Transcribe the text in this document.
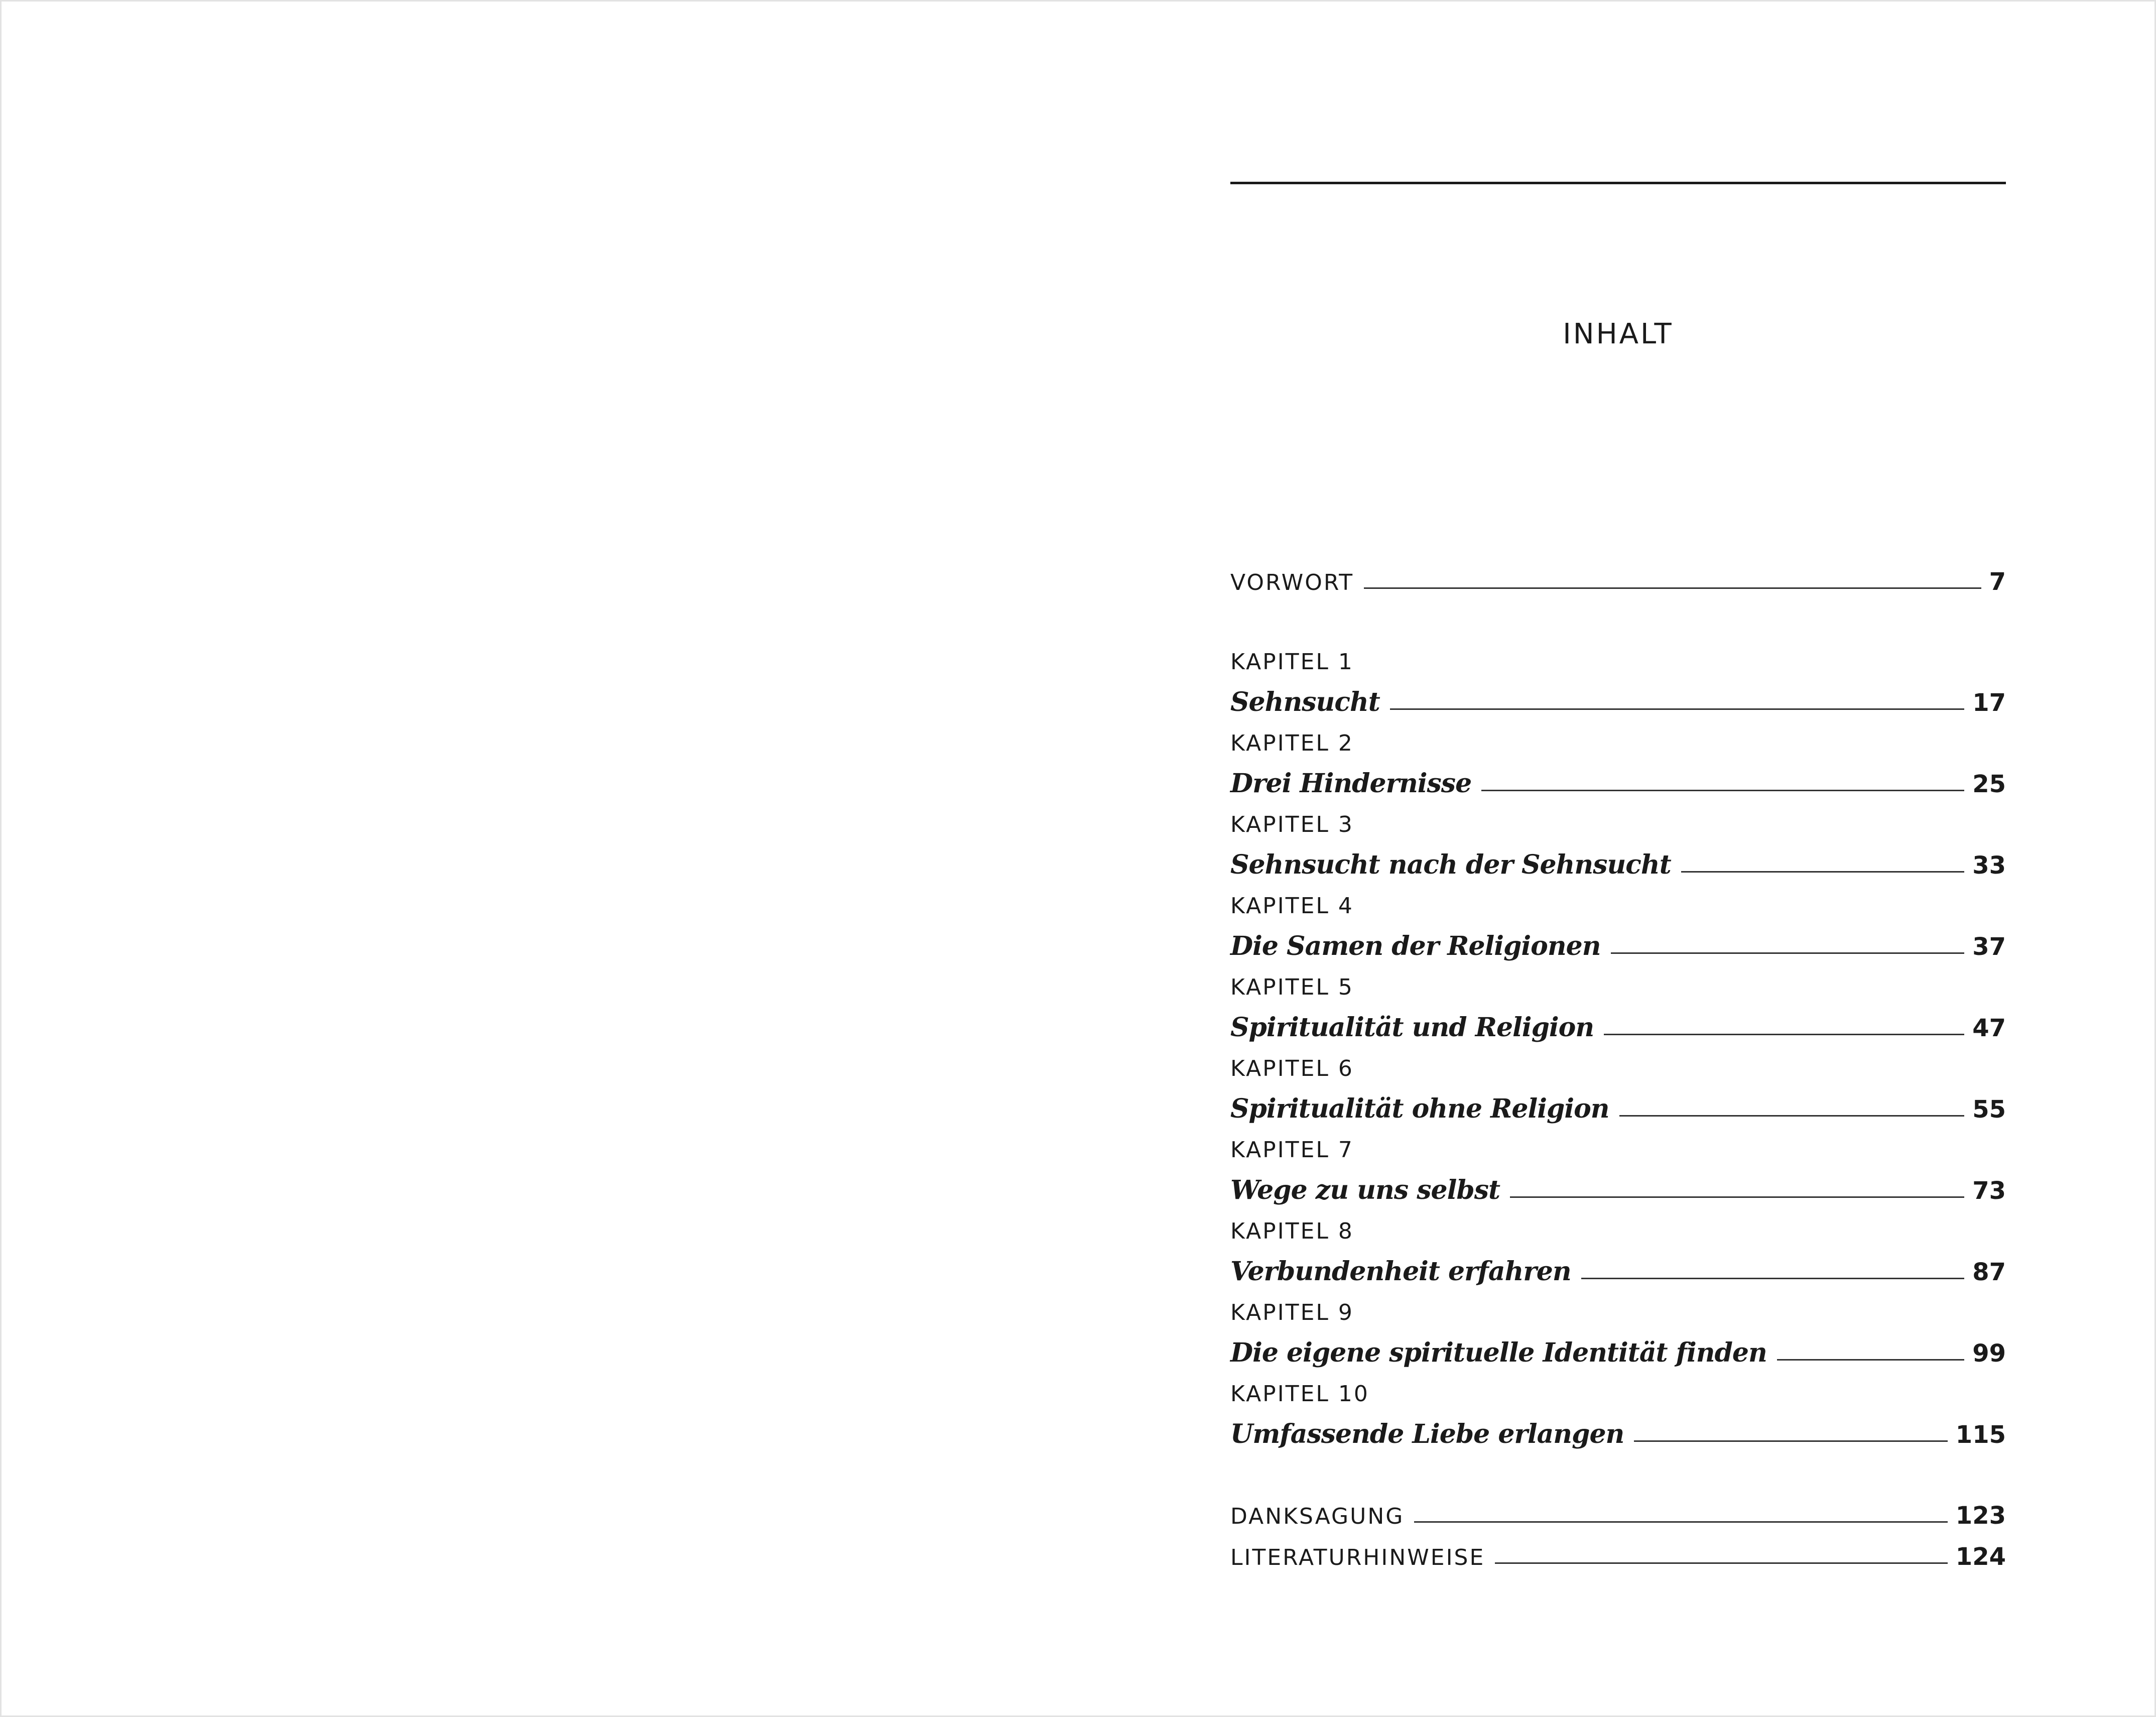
INHALT
VORWORT	7
KAPITEL 1
Sehnsucht	17
KAPITEL 2
Drei Hindernisse	25
KAPITEL 3
Sehnsucht nach der Sehnsucht	33
KAPITEL 4
Die Samen der Religionen	37
KAPITEL 5
Spiritualität und Religion	47
KAPITEL 6
Spiritualität ohne Religion	55
KAPITEL 7
Wege zu uns selbst	73
KAPITEL 8
Verbundenheit erfahren	87
KAPITEL 9
Die eigene spirituelle Identität finden	99
KAPITEL 10
Umfassende Liebe erlangen	115
DANKSAGUNG	123
LITERATURHINWEISE	124
